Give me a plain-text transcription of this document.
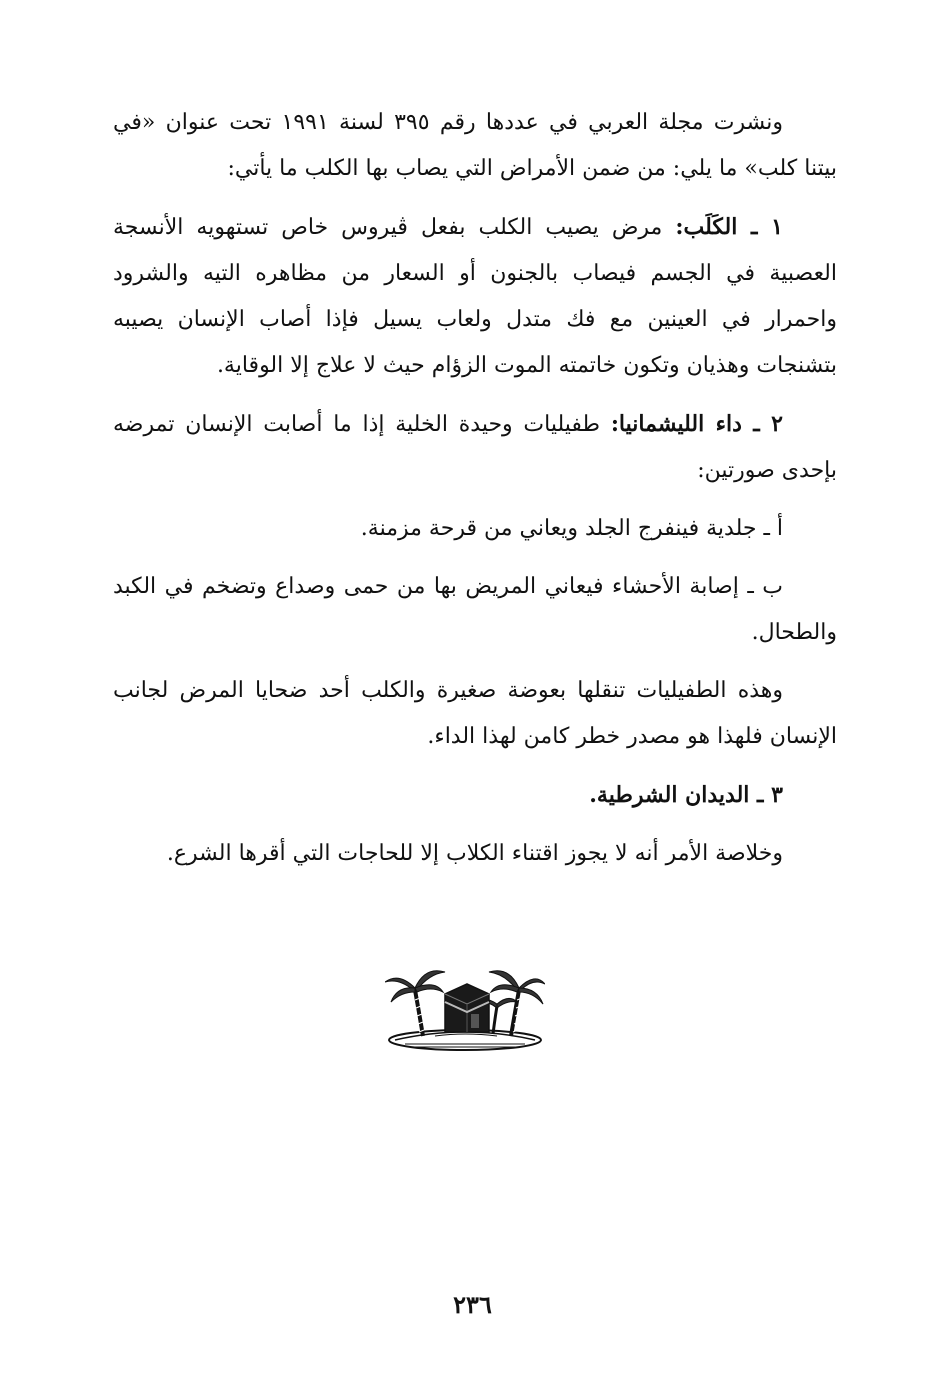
ونشرت مجلة العربي في عددها رقم ٣٩٥ لسنة ١٩٩١ تحت عنوان «في بيتنا كلب» ما يلي: من ضمن الأمراض التي يصاب بها الكلب ما يأتي:

١ ـ الكَلَب: مرض يصيب الكلب بفعل ڤيروس خاص تستهويه الأنسجة العصبية في الجسم فيصاب بالجنون أو السعار من مظاهره التيه والشرود واحمرار في العينين مع فك متدل ولعاب يسيل فإذا أصاب الإنسان يصيبه بتشنجات وهذيان وتكون خاتمته الموت الزؤام حيث لا علاج إلا الوقاية.

٢ ـ داء الليشمانيا: طفيليات وحيدة الخلية إذا ما أصابت الإنسان تمرضه بإحدى صورتين:

أ ـ جلدية فينفرج الجلد ويعاني من قرحة مزمنة.

ب ـ إصابة الأحشاء فيعاني المريض بها من حمى وصداع وتضخم في الكبد والطحال.

وهذه الطفيليات تنقلها بعوضة صغيرة والكلب أحد ضحايا المرض لجانب الإنسان فلهذا هو مصدر خطر كامن لهذا الداء.

٣ ـ الديدان الشرطية.

وخلاصة الأمر أنه لا يجوز اقتناء الكلاب إلا للحاجات التي أقرها الشرع.

٢٣٦
